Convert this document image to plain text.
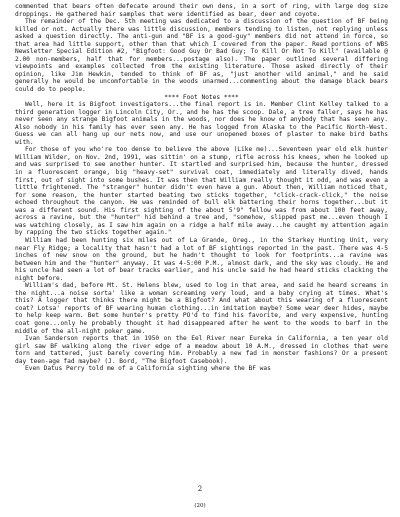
commented that bears often defecate around their own dens, in a sort of ring, with large dog size droppings. He gathered hair samples that were identified as bear, deer and coyote.

The remainder of the Dec. 5th meeting was dedicated to a discussion of the question of BF being killed or not. Actually there was little discussion, members tending to listen, not replying unless asked a question directly. The anti-gun and "BF is a good-guy" members did not attend in force, so that area had little support, other than that which I covered from the paper. Read portions of WBS Newsletter Special Edition #2, "Bigfoot: Good Guy Or Bad Guy; To Kill Or Not To Kill" (available @ 2.00 non-members, half that for members...postage also). The paper outlined several differing viewpoints and examples collected from the existing literature. Those asked directly of their opinion, like Jim Hewkin, tended to think of BF as, "just another wild animal," and he said generally he would be uncomfortable in the woods unarmed...commenting about the damage black bears could do to people.

**** Foot Notes ****

Well, here it is Bigfoot investigators...the final report is in. Member Clint Kelley talked to a third generation logger in Lincoln City, Or., and he has the scoop. Dale, a tree faller, says he has never seen any strange Bigfoot animals in the woods, nor does he know of anybody that has seen any. Also nobody in his family has ever seen any. He has logged from Alaska to the Pacific North-West. Guess we can all hang up our nets now, and use our unopened boxes of plaster to make bird baths with.

For those of you who're too dense to believe the above (Like me)...Seventeen year old elk hunter William Wilder, on Nov. 2nd, 1991, was sittin' on a stump, rifle across his knees, when he looked up and was surprised to see another hunter. It startled and surprised him, because the hunter, dressed in a fluorescent orange, big "heavy-set" survival coat, immediately and literally dived, hands first, out of sight into some bushes. It was then that William really thought it odd, and was even a little frightened. The "stranger" hunter didn't even have a gun. About then, William noticed that, for some reason, the hunter started beating two sticks together, "click-crack-click," the noise echoed throughout the canyon. He was reminded of bull elk battering their horns together...but it was a different sound. His first sighting of the about 5'9" fellow was from about 100 feet away, across a ravine, but the "hunter" hid behind a tree and, "somehow, slipped past me...even though I was watching closely, as I saw him again on a ridge a half mile away...he caught my attention again by rapping the two sticks together again."

William had been hunting six miles out of La Grande, Oreg., in the Starkey Hunting Unit, very near Fly Ridge; a locality that hasn't had a lot of BF sightings reported in the past. There was 4-5 inches of new snow on the ground, but he hadn't thought to look for footprints...a ravine was between him and the "hunter" anyway. It was 4-5:00 P.M., almost dark, and the sky was cloudy. He and his uncle had seen a lot of bear tracks earlier, and his uncle said he had heard sticks clacking the night before.

William's dad, before Mt. St. Helens blew, used to log in that area, and said he heard screams in the night...a noise sorta' like a woman screaming very loud, and a baby crying at times. What's this? A logger that thinks there might be a Bigfoot? And what about this wearing of a fluorescent coat? Lotsa' reports of BF wearing human clothing...in imitation maybe? Some wear deer hides, maybe to help keep warm. Bet some hunter's pretty PO'd to find his favorite, and very expensive, hunting coat gone...only he probably thought it had disappeared after he went to the woods to barf in the middle of the all-night poker game.

Ivan Sanderson reports that in 1950 on the Eel River near Eureka in California, a ten year old girl saw BF walking along the river edge of a meadow about 10 A.M., dressed in clothes that were torn and tattered, just barely covering him. Probably a new fad in monster fashions? Or a present day teen-age fad maybe? (J. Bord, "The Bigfoot Casebook).

Even Datus Perry told me of a California sighting where the BF was

2
(20)
